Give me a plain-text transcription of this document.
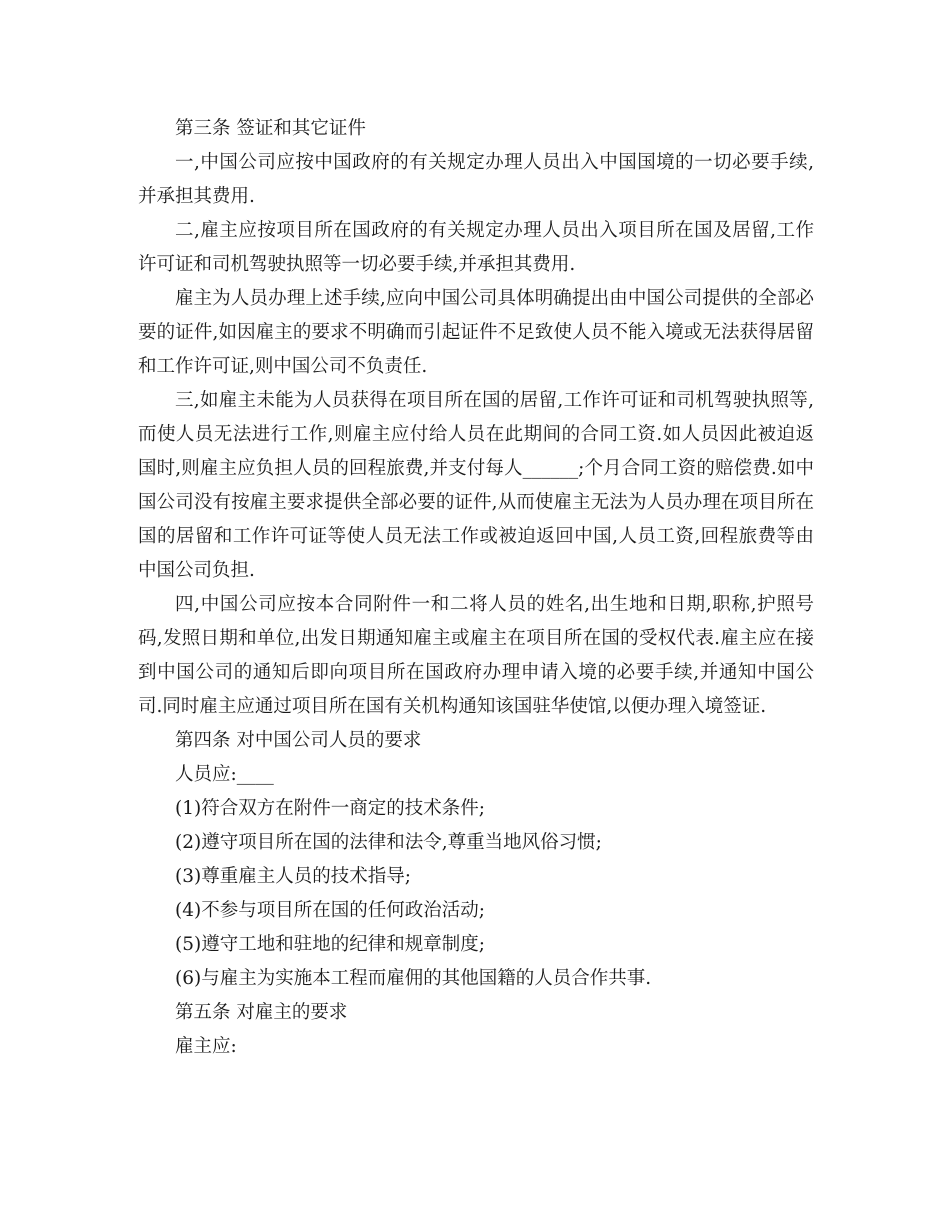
第三条 签证和其它证件

一,中国公司应按中国政府的有关规定办理人员出入中国国境的一切必要手续,并承担其费用.

二,雇主应按项目所在国政府的有关规定办理人员出入项目所在国及居留,工作许可证和司机驾驶执照等一切必要手续,并承担其费用.

雇主为人员办理上述手续,应向中国公司具体明确提出由中国公司提供的全部必要的证件,如因雇主的要求不明确而引起证件不足致使人员不能入境或无法获得居留和工作许可证,则中国公司不负责任.

三,如雇主未能为人员获得在项目所在国的居留,工作许可证和司机驾驶执照等,而使人员无法进行工作,则雇主应付给人员在此期间的合同工资.如人员因此被迫返国时,则雇主应负担人员的回程旅费,并支付每人______;个月合同工资的赔偿费.如中国公司没有按雇主要求提供全部必要的证件,从而使雇主无法为人员办理在项目所在国的居留和工作许可证等使人员无法工作或被迫返回中国,人员工资,回程旅费等由中国公司负担.

四,中国公司应按本合同附件一和二将人员的姓名,出生地和日期,职称,护照号码,发照日期和单位,出发日期通知雇主或雇主在项目所在国的受权代表.雇主应在接到中国公司的通知后即向项目所在国政府办理申请入境的必要手续,并通知中国公司.同时雇主应通过项目所在国有关机构通知该国驻华使馆,以便办理入境签证.

第四条 对中国公司人员的要求

人员应:____

(1)符合双方在附件一商定的技术条件;

(2)遵守项目所在国的法律和法令,尊重当地风俗习惯;

(3)尊重雇主人员的技术指导;

(4)不参与项目所在国的任何政治活动;

(5)遵守工地和驻地的纪律和规章制度;

(6)与雇主为实施本工程而雇佣的其他国籍的人员合作共事.

第五条 对雇主的要求

雇主应:
